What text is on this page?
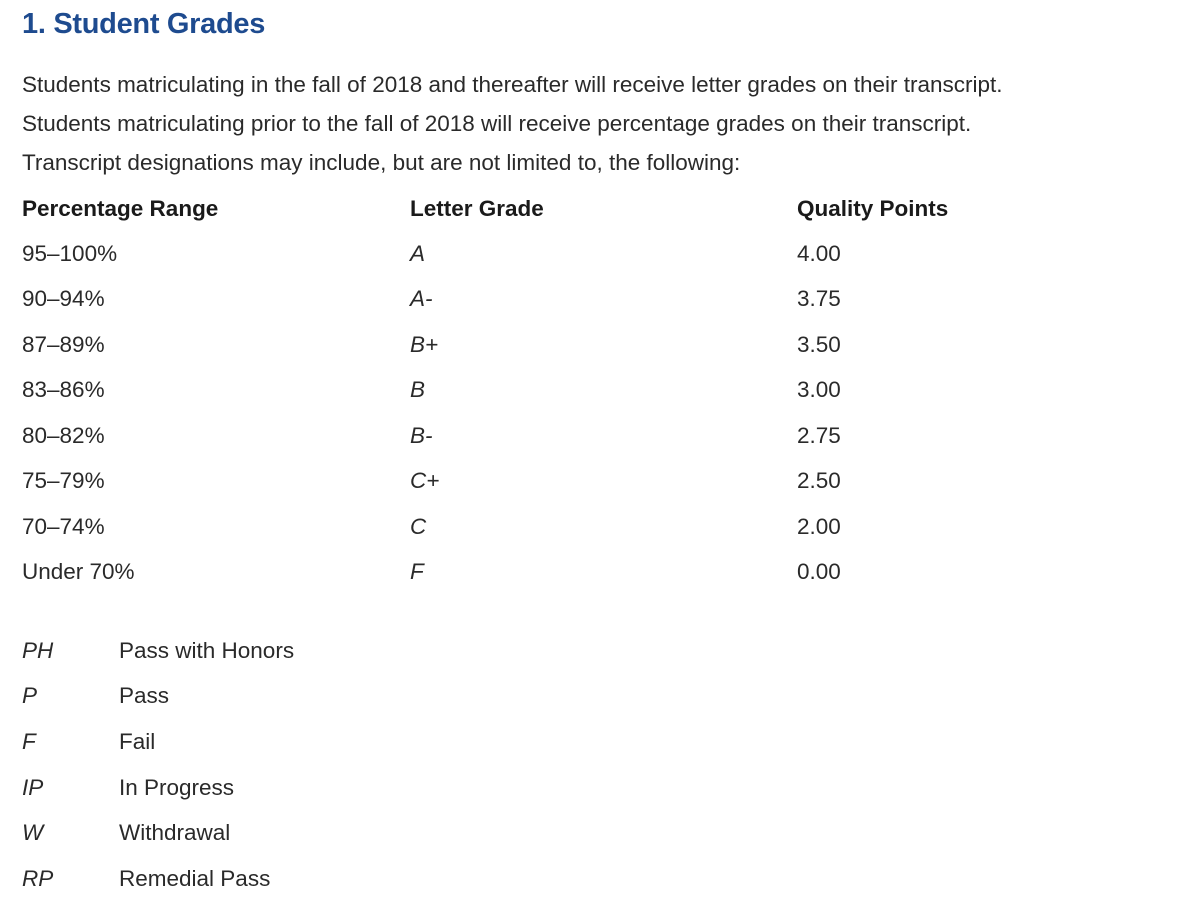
1. Student Grades

Students matriculating in the fall of 2018 and thereafter will receive letter grades on their transcript.
Students matriculating prior to the fall of 2018 will receive percentage grades on their transcript.
Transcript designations may include, but are not limited to, the following:

Percentage Range	Letter Grade	Quality Points
95–100%	A	4.00
90–94%	A-	3.75
87–89%	B+	3.50
83–86%	B	3.00
80–82%	B-	2.75
75–79%	C+	2.50
70–74%	C	2.00
Under 70%	F	0.00
PH	Pass with Honors
P	Pass
F	Fail
IP	In Progress
W	Withdrawal
RP	Remedial Pass
